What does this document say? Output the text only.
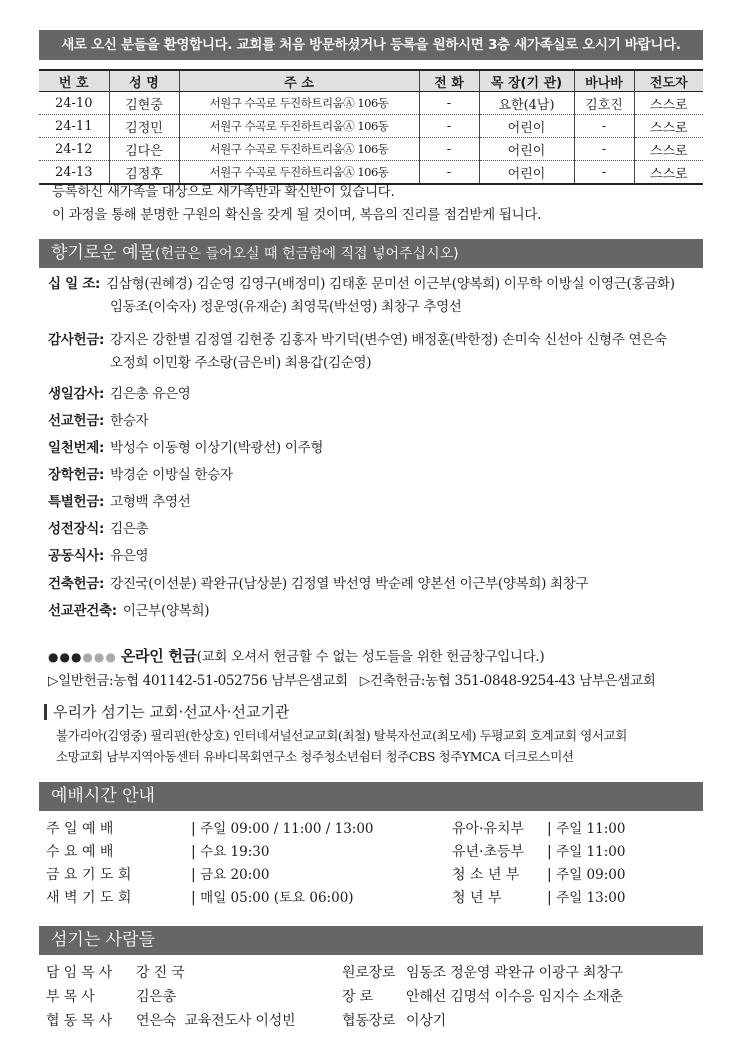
새로 오신 분들을 환영합니다. 교회를 처음 방문하셨거나 등록을 원하시면 3층 새가족실로 오시기 바랍니다.
번 호	성 명	주 소	전 화	목 장(기 관)	바나바	전도자
24-10	김현중	서원구 수곡로 두진하트리움Ⓐ 106동	-	요한(4남)	김호진	스스로
24-11	김정민	서원구 수곡로 두진하트리움Ⓐ 106동	-	어린이	-	스스로
24-12	김다은	서원구 수곡로 두진하트리움Ⓐ 106동	-	어린이	-	스스로
24-13	김정후	서원구 수곡로 두진하트리움Ⓐ 106동	-	어린이	-	스스로
등록하신 새가족을 대상으로 새가족반과 확신반이 있습니다.
이 과정을 통해 분명한 구원의 확신을 갖게 될 것이며, 복음의 진리를 점검받게 됩니다.
향기로운 예물(헌금은 들어오실 때 헌금함에 직접 넣어주십시오)
십 일 조: 김삼형(권혜경) 김순영 김영구(배정미) 김태훈 문미선 이근부(양복희) 이무학 이방실 이영근(홍금화)
임동조(이숙자) 정운영(유재순) 최영묵(박선영) 최창구 추영선
감사헌금: 강지은 강한별 김정열 김현중 김홍자 박기덕(변수연) 배정훈(박한정) 손미숙 신선아 신형주 연은숙
오정희 이민황 주소랑(금은비) 최용갑(김순영)
생일감사: 김은총 유은영
선교헌금: 한승자
일천번제: 박성수 이동형 이상기(박광선) 이주형
장학헌금: 박경순 이방실 한승자
특별헌금: 고형백 추영선
성전장식: 김은총
공동식사: 유은영
건축헌금: 강진국(이선분) 곽완규(남상분) 김정열 박선영 박순례 양본선 이근부(양복희) 최창구
선교관건축: 이근부(양복희)
●●●●●● 온라인 헌금(교회 오셔서 헌금할 수 없는 성도들을 위한 헌금창구입니다.)
▷일반헌금:농협 401142-51-052756 남부은샘교회 ▷건축헌금:농협 351-0848-9254-43 남부은샘교회
우리가 섬기는 교회·선교사·선교기관
불가리아(김영중) 필리핀(한상호) 인터네셔널선교교회(최철) 탈북자선교(최모세) 두평교회 호계교회 영서교회
소망교회 남부지역아동센터 유바디목회연구소 청주청소년쉼터 청주CBS 청주YMCA 더크로스미션
예배시간 안내
주 일 예 배	| 주일 09:00 / 11:00 / 13:00
수 요 예 배	| 수요 19:30
금 요 기 도 회	| 금요 20:00
새 벽 기 도 회	| 매일 05:00 (토요 06:00)
유아·유치부 | 주일 11:00
유년·초등부 | 주일 11:00
청 소 년 부 | 주일 09:00
청 년 부	| 주일 13:00
섬기는 사람들
담 임 목 사 강 진 국
부 목 사	김은총
협 동 목 사 연은숙 교육전도사 이성빈
원로장로 임동조 정운영 곽완규 이광구 최창구
장 로 안해선 김명석 이수응 임지수 소재춘
협동장로 이상기
